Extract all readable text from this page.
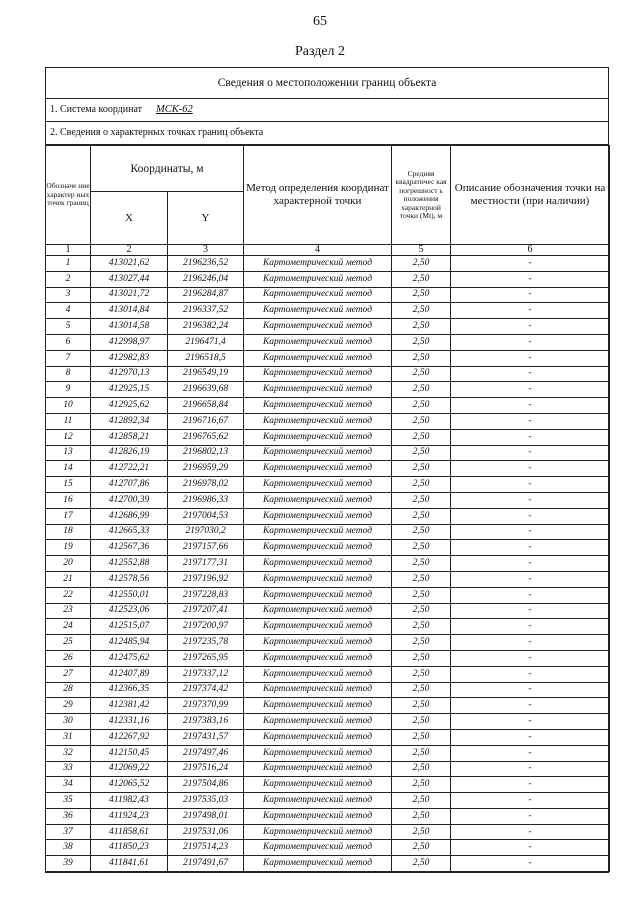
65
Раздел 2
Сведения о местоположении границ объекта
1. Система координат МСК-62
2. Сведения о характерных точках границ объекта
Обозначе ние характер ных точек границ	Координаты, м		Метод определения координат характерной точки	Средняя квадратичес кая погрешност ь положения характерной точки (Mt), м	Описание обозначения точки на местности (при наличии)
	X	Y			
1	2	3	4	5	6
1	413021,62	2196236,52	Картометрический метод	2,50	-
2	413027,44	2196246,04	Картометрический метод	2,50	-
3	413021,72	2196284,87	Картометрический метод	2,50	-
4	413014,84	2196337,52	Картометрический метод	2,50	-
5	413014,58	2196382,24	Картометрический метод	2,50	-
6	412998,97	2196471,4	Картометрический метод	2,50	-
7	412982,83	2196518,5	Картометрический метод	2,50	-
8	412970,13	2196549,19	Картометрический метод	2,50	-
9	412925,15	2196639,68	Картометрический метод	2,50	-
10	412925,62	2196658,84	Картометрический метод	2,50	-
11	412892,34	2196716,67	Картометрический метод	2,50	-
12	412858,21	2196765,62	Картометрический метод	2,50	-
13	412826,19	2196802,13	Картометрический метод	2,50	-
14	412722,21	2196959,29	Картометрический метод	2,50	-
15	412707,86	2196978,02	Картометрический метод	2,50	-
16	412700,39	2196986,33	Картометрический метод	2,50	-
17	412686,99	2197004,53	Картометрический метод	2,50	-
18	412665,33	2197030,2	Картометрический метод	2,50	-
19	412567,36	2197157,66	Картометрический метод	2,50	-
20	412552,88	2197177,31	Картометрический метод	2,50	-
21	412578,56	2197196,92	Картометрический метод	2,50	-
22	412550,01	2197228,83	Картометрический метод	2,50	-
23	412523,06	2197207,41	Картометрический метод	2,50	-
24	412515,07	2197200,97	Картометрический метод	2,50	-
25	412485,94	2197235,78	Картометрический метод	2,50	-
26	412475,62	2197265,95	Картометрический метод	2,50	-
27	412407,89	2197337,12	Картометрический метод	2,50	-
28	412366,35	2197374,42	Картометрический метод	2,50	-
29	412381,42	2197370,99	Картометрический метод	2,50	-
30	412331,16	2197383,16	Картометрический метод	2,50	-
31	412267,92	2197431,57	Картометрический метод	2,50	-
32	412150,45	2197497,46	Картометрический метод	2,50	-
33	412069,22	2197516,24	Картометрический метод	2,50	-
34	412065,52	2197504,86	Картометрический метод	2,50	-
35	411982,43	2197535,03	Картометрический метод	2,50	-
36	411924,23	2197498,01	Картометрический метод	2,50	-
37	411858,61	2197531,06	Картометрический метод	2,50	-
38	411850,23	2197514,23	Картометрический метод	2,50	-
39	411841,61	2197491,67	Картометрический метод	2,50	-
